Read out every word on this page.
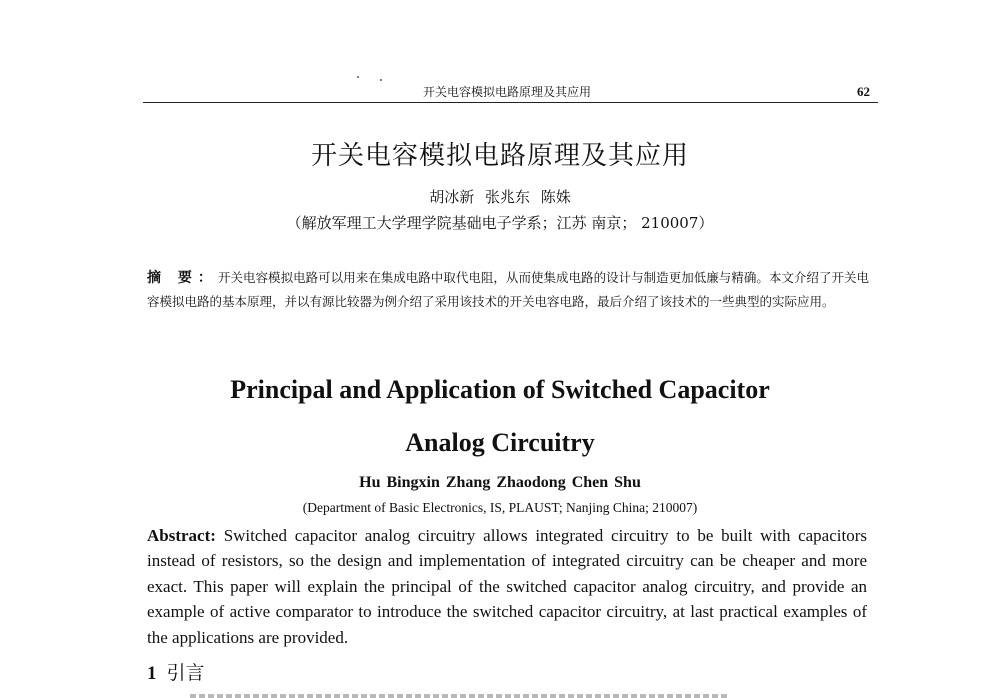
开关电容模拟电路原理及其应用	62
开关电容模拟电路原理及其应用
胡冰新 张兆东 陈姝
（解放军理工大学理学院基础电子学系；江苏 南京； 210007）
摘 要：开关电容模拟电路可以用来在集成电路中取代电阻，从而使集成电路的设计与制造更加低廉与精确。本文介绍了开关电容模拟电路的基本原理，并以有源比较器为例介绍了采用该技术的开关电容电路，最后介绍了该技术的一些典型的实际应用。
Principal and Application of Switched Capacitor
Analog Circuitry
Hu Bingxin Zhang Zhaodong Chen Shu
(Department of Basic Electronics, IS, PLAUST; Nanjing China; 210007)
Abstract: Switched capacitor analog circuitry allows integrated circuitry to be built with capacitors instead of resistors, so the design and implementation of integrated circuitry can be cheaper and more exact. This paper will explain the principal of the switched capacitor analog circuitry, and provide an example of active comparator to introduce the switched capacitor circuitry, at last practical examples of the applications are provided.
1 引言
